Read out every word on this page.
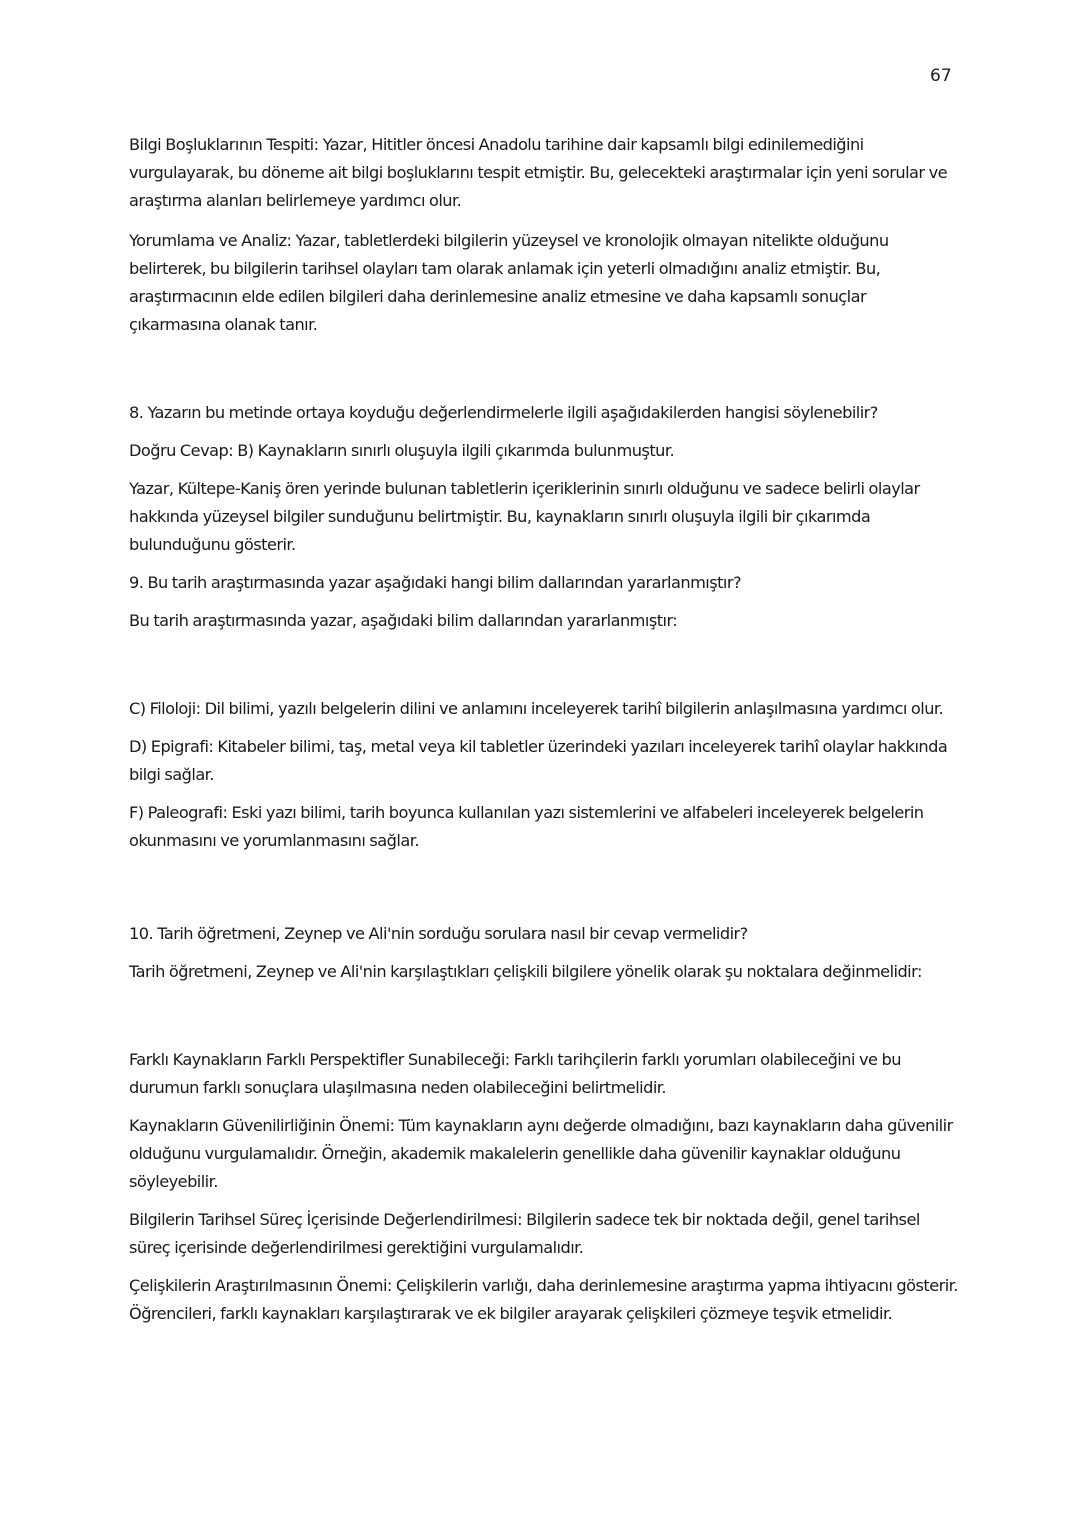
67

Bilgi Boşluklarının Tespiti: Yazar, Hititler öncesi Anadolu tarihine dair kapsamlı bilgi edinilemediğini vurgulayarak, bu döneme ait bilgi boşluklarını tespit etmiştir. Bu, gelecekteki araştırmalar için yeni sorular ve araştırma alanları belirlemeye yardımcı olur.

Yorumlama ve Analiz: Yazar, tabletlerdeki bilgilerin yüzeysel ve kronolojik olmayan nitelikte olduğunu belirterek, bu bilgilerin tarihsel olayları tam olarak anlamak için yeterli olmadığını analiz etmiştir. Bu, araştırmacının elde edilen bilgileri daha derinlemesine analiz etmesine ve daha kapsamlı sonuçlar çıkarmasına olanak tanır.

8. Yazarın bu metinde ortaya koyduğu değerlendirmelerle ilgili aşağıdakilerden hangisi söylenebilir?

Doğru Cevap: B) Kaynakların sınırlı oluşuyla ilgili çıkarımda bulunmuştur.

Yazar, Kültepe-Kaniş ören yerinde bulunan tabletlerin içeriklerinin sınırlı olduğunu ve sadece belirli olaylar hakkında yüzeysel bilgiler sunduğunu belirtmiştir. Bu, kaynakların sınırlı oluşuyla ilgili bir çıkarımda bulunduğunu gösterir.

9. Bu tarih araştırmasında yazar aşağıdaki hangi bilim dallarından yararlanmıştır?

Bu tarih araştırmasında yazar, aşağıdaki bilim dallarından yararlanmıştır:

C) Filoloji: Dil bilimi, yazılı belgelerin dilini ve anlamını inceleyerek tarihî bilgilerin anlaşılmasına yardımcı olur.

D) Epigrafi: Kitabeler bilimi, taş, metal veya kil tabletler üzerindeki yazıları inceleyerek tarihî olaylar hakkında bilgi sağlar.

F) Paleografi: Eski yazı bilimi, tarih boyunca kullanılan yazı sistemlerini ve alfabeleri inceleyerek belgelerin okunmasını ve yorumlanmasını sağlar.

10. Tarih öğretmeni, Zeynep ve Ali'nin sorduğu sorulara nasıl bir cevap vermelidir?

Tarih öğretmeni, Zeynep ve Ali'nin karşılaştıkları çelişkili bilgilere yönelik olarak şu noktalara değinmelidir:

Farklı Kaynakların Farklı Perspektifler Sunabileceği: Farklı tarihçilerin farklı yorumları olabileceğini ve bu durumun farklı sonuçlara ulaşılmasına neden olabileceğini belirtmelidir.

Kaynakların Güvenilirliğinin Önemi: Tüm kaynakların aynı değerde olmadığını, bazı kaynakların daha güvenilir olduğunu vurgulamalıdır. Örneğin, akademik makalelerin genellikle daha güvenilir kaynaklar olduğunu söyleyebilir.

Bilgilerin Tarihsel Süreç İçerisinde Değerlendirilmesi: Bilgilerin sadece tek bir noktada değil, genel tarihsel süreç içerisinde değerlendirilmesi gerektiğini vurgulamalıdır.

Çelişkilerin Araştırılmasının Önemi: Çelişkilerin varlığı, daha derinlemesine araştırma yapma ihtiyacını gösterir. Öğrencileri, farklı kaynakları karşılaştırarak ve ek bilgiler arayarak çelişkileri çözmeye teşvik etmelidir.
